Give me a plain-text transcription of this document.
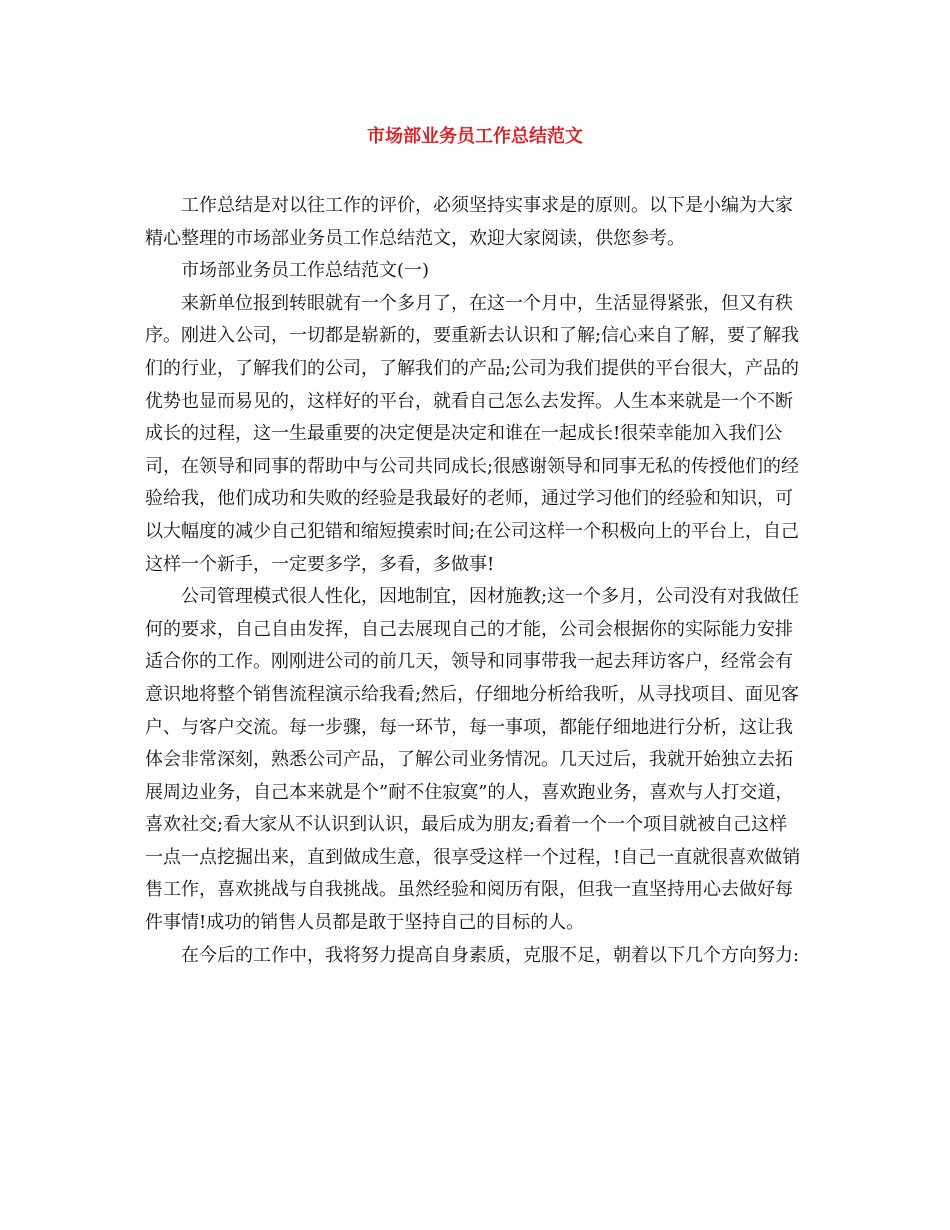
市场部业务员工作总结范文

工作总结是对以往工作的评价，必须坚持实事求是的原则。以下是小编为大家精心整理的市场部业务员工作总结范文，欢迎大家阅读，供您参考。

市场部业务员工作总结范文(一)

来新单位报到转眼就有一个多月了，在这一个月中，生活显得紧张，但又有秩序。刚进入公司，一切都是崭新的，要重新去认识和了解;信心来自了解，要了解我们的行业，了解我们的公司，了解我们的产品;公司为我们提供的平台很大，产品的优势也显而易见的，这样好的平台，就看自己怎么去发挥。人生本来就是一个不断成长的过程，这一生最重要的决定便是决定和谁在一起成长!很荣幸能加入我们公司，在领导和同事的帮助中与公司共同成长;很感谢领导和同事无私的传授他们的经验给我，他们成功和失败的经验是我最好的老师，通过学习他们的经验和知识，可以大幅度的减少自己犯错和缩短摸索时间;在公司这样一个积极向上的平台上，自己这样一个新手，一定要多学，多看，多做事!

公司管理模式很人性化，因地制宜，因材施教;这一个多月，公司没有对我做任何的要求，自己自由发挥，自己去展现自己的才能，公司会根据你的实际能力安排适合你的工作。刚刚进公司的前几天，领导和同事带我一起去拜访客户，经常会有意识地将整个销售流程演示给我看;然后，仔细地分析给我听，从寻找项目、面见客户、与客户交流。每一步骤，每一环节，每一事项，都能仔细地进行分析，这让我体会非常深刻，熟悉公司产品，了解公司业务情况。几天过后，我就开始独立去拓展周边业务，自己本来就是个”耐不住寂寞”的人，喜欢跑业务，喜欢与人打交道，喜欢社交;看大家从不认识到认识，最后成为朋友;看着一个一个项目就被自己这样一点一点挖掘出来，直到做成生意，很享受这样一个过程，!自己一直就很喜欢做销售工作，喜欢挑战与自我挑战。虽然经验和阅历有限，但我一直坚持用心去做好每件事情!成功的销售人员都是敢于坚持自己的目标的人。

在今后的工作中，我将努力提高自身素质，克服不足，朝着以下几个方向努力:
